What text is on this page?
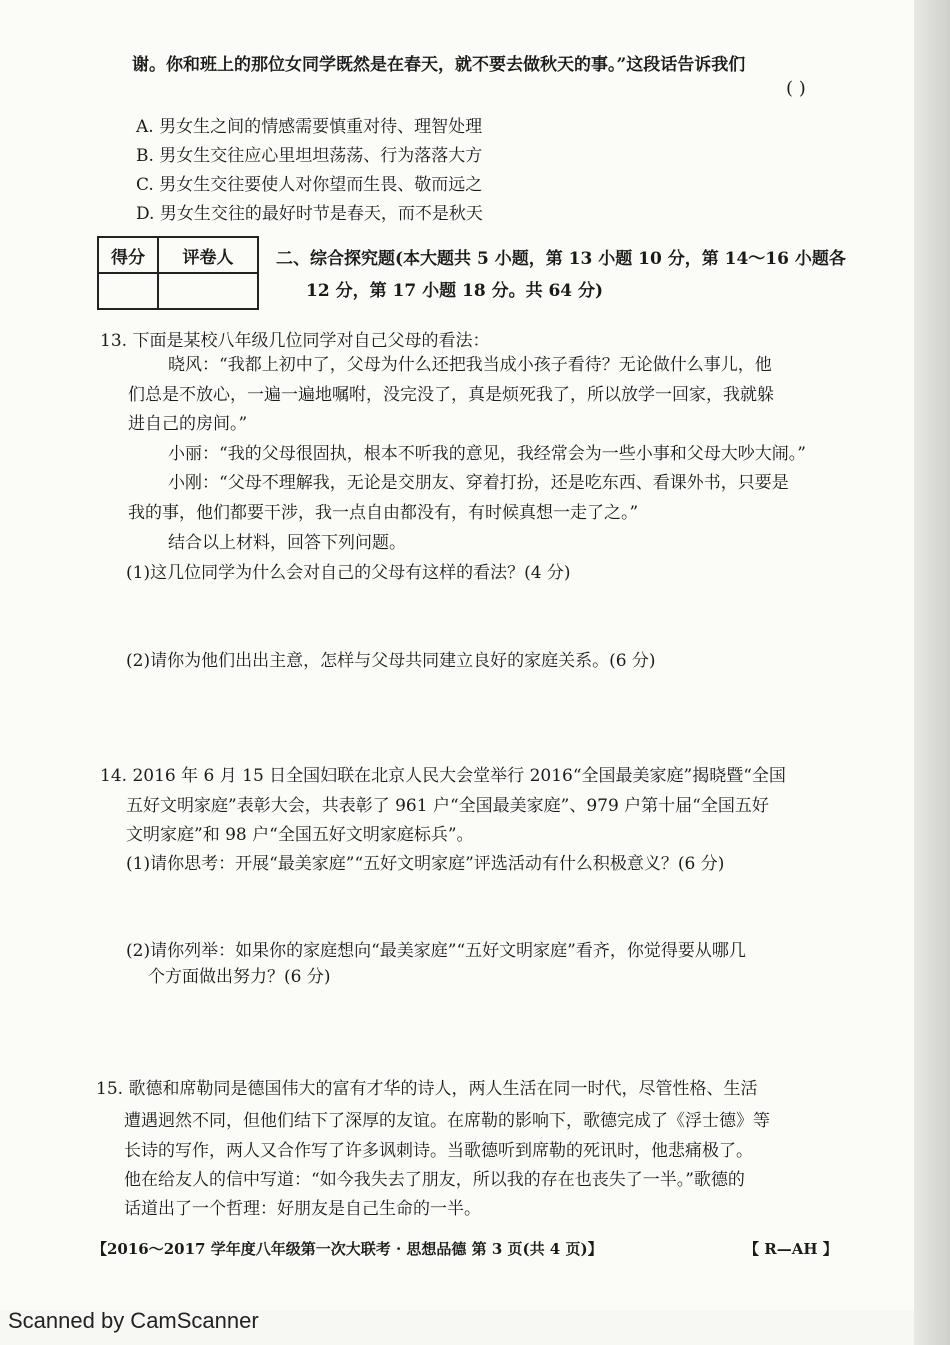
谢。你和班上的那位女同学既然是在春天，就不要去做秋天的事。”这段话告诉我们
( )
A. 男女生之间的情感需要慎重对待、理智处理
B. 男女生交往应心里坦坦荡荡、行为落落大方
C. 男女生交往要使人对你望而生畏、敬而远之
D. 男女生交往的最好时节是春天，而不是秋天
得分	评卷人
		二、综合探究题(本大题共 5 小题，第 13 小题 10 分，第 14～16 小题各
12 分，第 17 小题 18 分。共 64 分)
13. 下面是某校八年级几位同学对自己父母的看法：
晓风：“我都上初中了，父母为什么还把我当成小孩子看待？无论做什么事儿，他
们总是不放心，一遍一遍地嘱咐，没完没了，真是烦死我了，所以放学一回家，我就躲
进自己的房间。”
小丽：“我的父母很固执，根本不听我的意见，我经常会为一些小事和父母大吵大闹。”
小刚：“父母不理解我，无论是交朋友、穿着打扮，还是吃东西、看课外书，只要是
我的事，他们都要干涉，我一点自由都没有，有时候真想一走了之。”
结合以上材料，回答下列问题。
(1)这几位同学为什么会对自己的父母有这样的看法？(4 分)
(2)请你为他们出出主意，怎样与父母共同建立良好的家庭关系。(6 分)
14. 2016 年 6 月 15 日全国妇联在北京人民大会堂举行 2016“全国最美家庭”揭晓暨“全国
五好文明家庭”表彰大会，共表彰了 961 户“全国最美家庭”、979 户第十届“全国五好
文明家庭”和 98 户“全国五好文明家庭标兵”。
(1)请你思考：开展“最美家庭”“五好文明家庭”评选活动有什么积极意义？(6 分)
(2)请你列举：如果你的家庭想向“最美家庭”“五好文明家庭”看齐，你觉得要从哪几
个方面做出努力？(6 分)
15. 歌德和席勒同是德国伟大的富有才华的诗人，两人生活在同一时代，尽管性格、生活
遭遇迥然不同，但他们结下了深厚的友谊。在席勒的影响下，歌德完成了《浮士德》等
长诗的写作，两人又合作写了许多讽刺诗。当歌德听到席勒的死讯时，他悲痛极了。
他在给友人的信中写道：“如今我失去了朋友，所以我的存在也丧失了一半。”歌德的
话道出了一个哲理：好朋友是自己生命的一半。
【2016～2017 学年度八年级第一次大联考 · 思想品德 第 3 页(共 4 页)】	【 R—AH 】
Scanned by CamScanner
